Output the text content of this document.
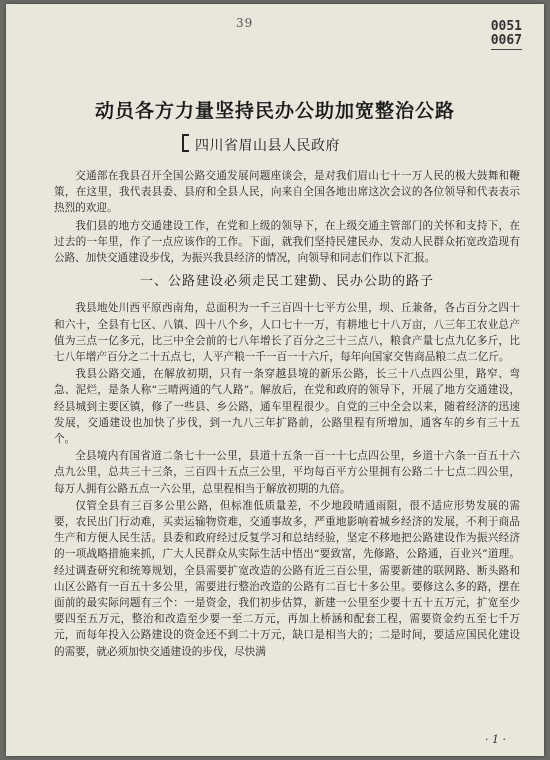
39	0051
0067
动员各方力量坚持民办公助加宽整治公路
四川省眉山县人民政府

交通部在我县召开全国公路交通发展问题座谈会，是对我们眉山七十一万人民的极大鼓舞和鞭策，在这里，我代表县委、县府和全县人民，向来自全国各地出席这次会议的各位领导和代表表示热烈的欢迎。

我们县的地方交通建设工作，在党和上级的领导下，在上级交通主管部门的关怀和支持下，在过去的一年里，作了一点应该作的工作。下面，就我们坚持民建民办、发动人民群众拓宽改造现有公路、加快交通建设步伐，为振兴我县经济的情况，向领导和同志们作以下汇报。

一、公路建设必须走民工建勤、民办公助的路子

我县地处川西平原西南角，总面积为一千三百四十七平方公里，坝、丘兼备，各占百分之四十和六十，全县有七区、八镇、四十八个乡，人口七十一万，有耕地七十八万亩，八三年工农业总产值为三点一亿多元，比三中全会前的七八年增长了百分之三十三点八，粮食产量七点九亿多斤，比七八年增产百分之二十五点七，人平产粮一千一百一十六斤，每年向国家交售商品粮二点二亿斤。

我县公路交通，在解放初期，只有一条穿越县境的新乐公路，长三十八点四公里，路窄、弯急、泥烂，是条人称“三晴两通的气人路”。解放后，在党和政府的领导下，开展了地方交通建设，经县城到主要区镇，修了一些县、乡公路，通车里程很少。自党的三中全会以来，随着经济的迅速发展，交通建设也加快了步伐，到一九八三年扩路前，公路里程有所增加，通客车的乡有三十五个。

全县境内有国省道二条七十一公里，县道十五条一百一十七点四公里，乡道十六条一百五十六点九公里，总共三十三条，三百四十五点三公里，平均每百平方公里拥有公路二十七点二四公里，每万人拥有公路五点一六公里，总里程相当于解放初期的九倍。

仅管全县有三百多公里公路，但标准低质量差，不少地段晴通雨阻，很不适应形势发展的需要，农民出门行动难，买卖运输物资难，交通事故多，严重地影响着城乡经济的发展，不利于商品生产和方便人民生活。县委和政府经过反复学习和总结经验，坚定不移地把公路建设作为振兴经济的一项战略措施来抓，广大人民群众从实际生活中悟出“要致富，先修路，公路通，百业兴”道理。经过调查研究和统筹规划，全县需要扩宽改造的公路有近三百公里，需要新建的联网路、断头路和山区公路有一百五十多公里，需要进行整治改造的公路有二百七十多公里。要修这么多的路，摆在面前的最实际问题有三个：一是资金，我们初步估算，新建一公里至少要十五十五万元，扩宽至少要四至五万元，整治和改造至少要一至二万元，再加上桥涵和配套工程，需要资金约五至七千万元，而每年投入公路建设的资金还不到二十万元，缺口是相当大的；二是时间，要适应国民化建设的需要，就必须加快交通建设的步伐，尽快满

· 1 ·
